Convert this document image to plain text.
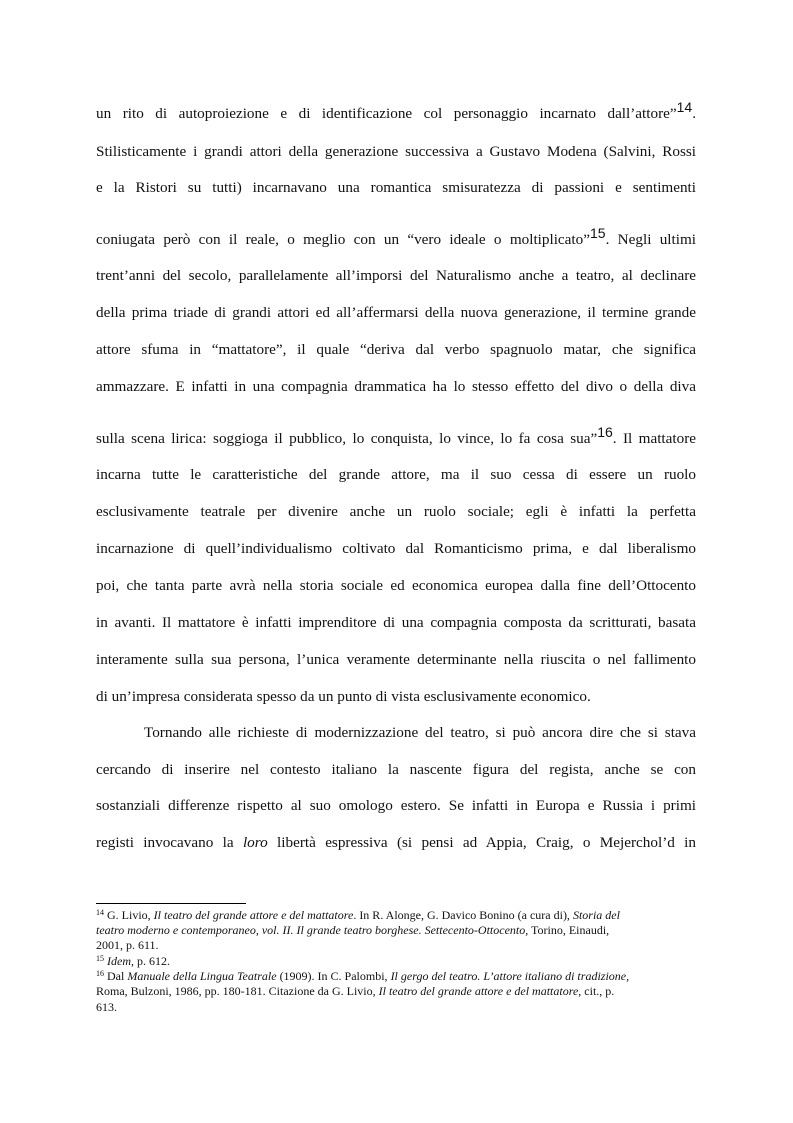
un rito di autoproiezione e di identificazione col personaggio incarnato dall’attore”14.
Stilisticamente i grandi attori della generazione successiva a Gustavo Modena (Salvini, Rossi
e la Ristori su tutti) incarnavano una romantica smisuratezza di passioni e sentimenti
coniugata però con il reale, o meglio con un “vero ideale o moltiplicato”15. Negli ultimi
trent’anni del secolo, parallelamente all’imporsi del Naturalismo anche a teatro, al declinare
della prima triade di grandi attori ed all’affermarsi della nuova generazione, il termine grande
attore sfuma in “mattatore”, il quale “deriva dal verbo spagnuolo matar, che significa
ammazzare. E infatti in una compagnia drammatica ha lo stesso effetto del divo o della diva
sulla scena lirica: soggioga il pubblico, lo conquista, lo vince, lo fa cosa sua”16. Il mattatore
incarna tutte le caratteristiche del grande attore, ma il suo cessa di essere un ruolo
esclusivamente teatrale per divenire anche un ruolo sociale; egli è infatti la perfetta
incarnazione di quell’individualismo coltivato dal Romanticismo prima, e dal liberalismo
poi, che tanta parte avrà nella storia sociale ed economica europea dalla fine dell’Ottocento
in avanti. Il mattatore è infatti imprenditore di una compagnia composta da scritturati, basata
interamente sulla sua persona, l’unica veramente determinante nella riuscita o nel fallimento
di un’impresa considerata spesso da un punto di vista esclusivamente economico.
Tornando alle richieste di modernizzazione del teatro, si può ancora dire che si stava
cercando di inserire nel contesto italiano la nascente figura del regista, anche se con
sostanziali differenze rispetto al suo omologo estero. Se infatti in Europa e Russia i primi
registi invocavano la loro libertà espressiva (si pensi ad Appia, Craig, o Mejerchol’d in
$^{14}$ G. Livio, Il teatro del grande attore e del mattatore. In R. Alonge, G. Davico Bonino (a cura di), Storia del
teatro moderno e contemporaneo, vol. II. Il grande teatro borghese. Settecento-Ottocento, Torino, Einaudi,
2001, p. 611.
$^{15}$ Idem, p. 612.
$^{16}$ Dal Manuale della Lingua Teatrale (1909). In C. Palombi, Il gergo del teatro. L’attore italiano di tradizione,
Roma, Bulzoni, 1986, pp. 180-181. Citazione da G. Livio, Il teatro del grande attore e del mattatore, cit., p.
613.
